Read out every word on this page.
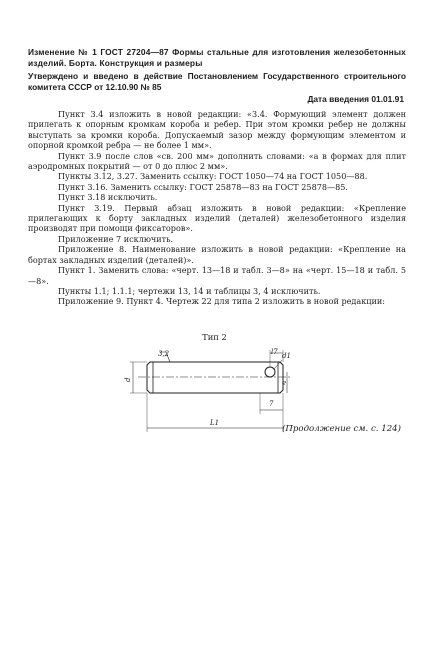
Изменение № 1 ГОСТ 27204—87 Формы стальные для изготовления железобетонных изделий. Борта. Конструкция и размеры
Утверждено и введено в действие Постановлением Государственного строительного комитета СССР от 12.10.90 № 85
Дата введения 01.01.91

Пункт 3.4 изложить в новой редакции: «3.4. Формующий элемент должен прилегать к опорным кромкам короба и ребер. При этом кромки ребер не должны выступать за кромки короба. Допускаемый зазор между формующим элементом и опорной кромкой ребра — не более 1 мм».

Пункт 3.9 после слов «св. 200 мм» дополнить словами: «а в формах для плит аэродромных покрытий — от 0 до плюс 2 мм».

Пункты 3.12, 3.27. Заменить ссылку: ГОСТ 1050—74 на ГОСТ 1050—88.

Пункт 3.16. Заменить ссылку: ГОСТ 25878—83 на ГОСТ 25878—85.

Пункт 3.18 исключить.

Пункт 3.19. Первый абзац изложить в новой редакции: «Крепление прилегающих к борту закладных изделий (деталей) железобетонного изделия производят при помощи фиксаторов».

Приложение 7 исключить.

Приложение 8. Наименование изложить в новой редакции: «Крепление на бортах закладных изделий (деталей)».

Пункт 1. Заменить слова: «черт. 13—18 и табл. 3—8» на «черт. 15—18 и табл. 5—8».

Пункты 1.1; 1.1.1; чертежи 13, 14 и таблицы 3, 4 исключить.

Приложение 9. Пункт 4. Чертеж 22 для типа 2 изложить в новой редакции:

Тип 2
3,2	l7 d1
d	e
7
L1
(Продолжение см. с. 124)
